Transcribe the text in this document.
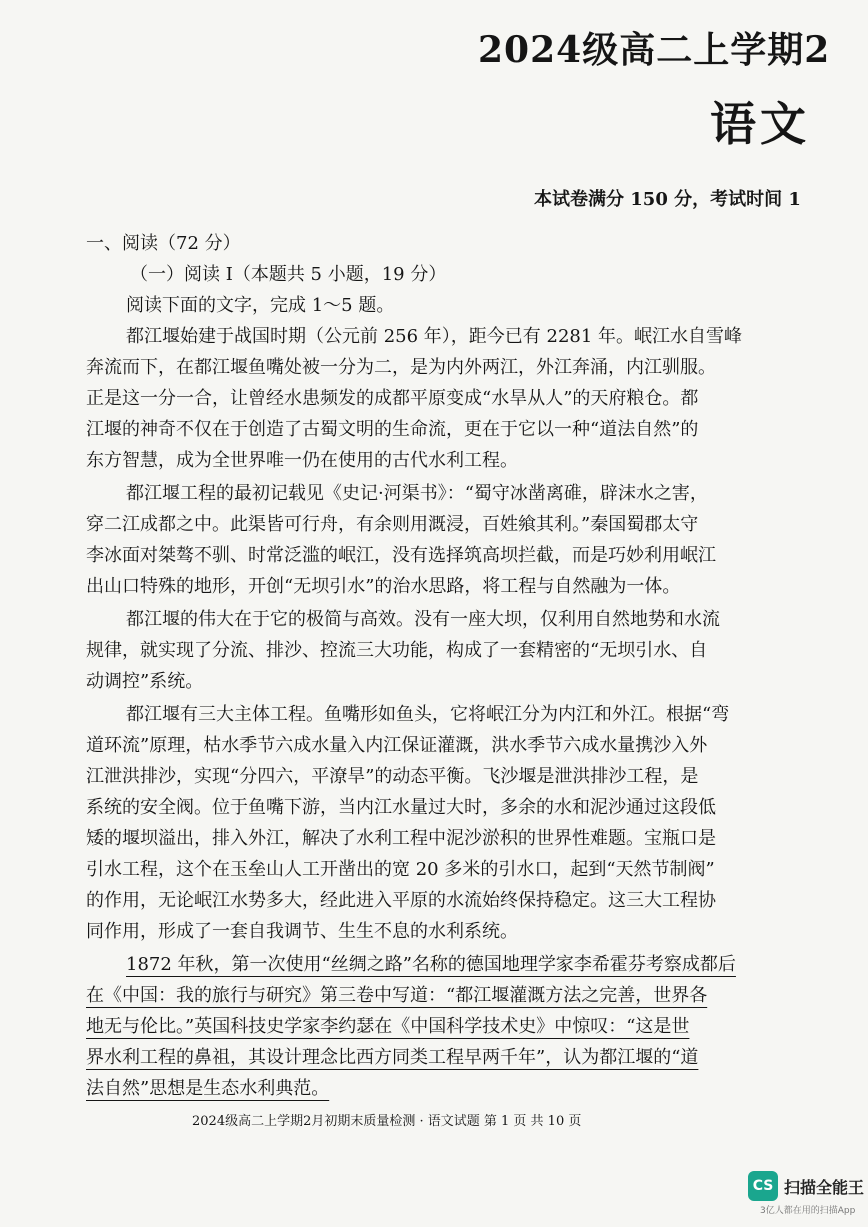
2024级高二上学期2
语文
本试卷满分 150 分，考试时间 1
一、阅读（72 分）
（一）阅读 I（本题共 5 小题，19 分）
阅读下面的文字，完成 1～5 题。
都江堰始建于战国时期（公元前 256 年），距今已有 2281 年。岷江水自雪峰
奔流而下，在都江堰鱼嘴处被一分为二，是为内外两江，外江奔涌，内江驯服。
正是这一分一合，让曾经水患频发的成都平原变成“水旱从人”的天府粮仓。都
江堰的神奇不仅在于创造了古蜀文明的生命流，更在于它以一种“道法自然”的
东方智慧，成为全世界唯一仍在使用的古代水利工程。
都江堰工程的最初记载见《史记·河渠书》：“蜀守冰凿离碓，辟沫水之害，
穿二江成都之中。此渠皆可行舟，有余则用溉浸，百姓飨其利。”秦国蜀郡太守
李冰面对桀骜不驯、时常泛滥的岷江，没有选择筑高坝拦截，而是巧妙利用岷江
出山口特殊的地形，开创“无坝引水”的治水思路，将工程与自然融为一体。
都江堰的伟大在于它的极简与高效。没有一座大坝，仅利用自然地势和水流
规律，就实现了分流、排沙、控流三大功能，构成了一套精密的“无坝引水、自
动调控”系统。
都江堰有三大主体工程。鱼嘴形如鱼头，它将岷江分为内江和外江。根据“弯
道环流”原理，枯水季节六成水量入内江保证灌溉，洪水季节六成水量携沙入外
江泄洪排沙，实现“分四六，平潦旱”的动态平衡。飞沙堰是泄洪排沙工程，是
系统的安全阀。位于鱼嘴下游，当内江水量过大时，多余的水和泥沙通过这段低
矮的堰坝溢出，排入外江，解决了水利工程中泥沙淤积的世界性难题。宝瓶口是
引水工程，这个在玉垒山人工开凿出的宽 20 多米的引水口，起到“天然节制阀”
的作用，无论岷江水势多大，经此进入平原的水流始终保持稳定。这三大工程协
同作用，形成了一套自我调节、生生不息的水利系统。
1872 年秋，第一次使用“丝绸之路”名称的德国地理学家李希霍芬考察成都后
在《中国：我的旅行与研究》第三卷中写道：“都江堰灌溉方法之完善，世界各
地无与伦比。”英国科技史学家李约瑟在《中国科学技术史》中惊叹：“这是世
界水利工程的鼻祖，其设计理念比西方同类工程早两千年”，认为都江堰的“道
法自然”思想是生态水利典范。
2024级高二上学期2月初期末质量检测 · 语文试题 第 1 页 共 10 页
CS 扫描全能王
3亿人都在用的扫描App
